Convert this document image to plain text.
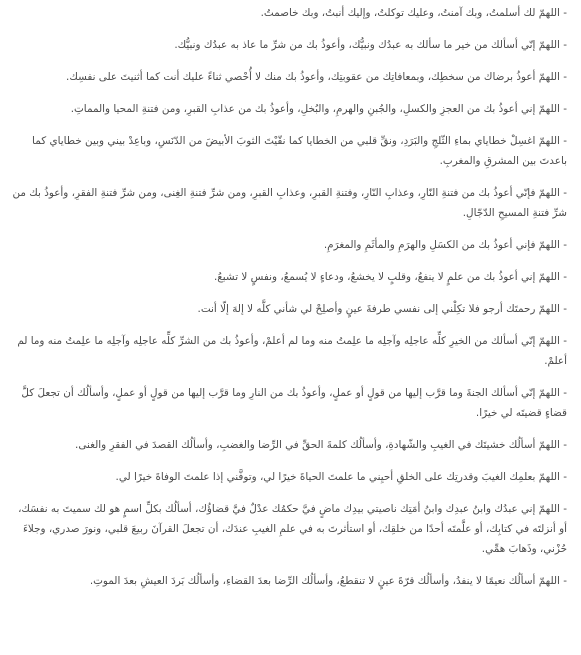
- اللهمّ لك أسلمتُ، وبك آمنتُ، وعليك توكلتُ، وإليك أنبتُ، وبك خاصمتُ.

- اللهمّ إنّي أسألك من خير ما سألك به عبدُك ونبيُّك، وأعوذُ بك من شرِّ ما عاذ به عبدُك ونبيُّك.

- اللهمّ أعوذُ برضاك من سخطِك، وبمعافاتِك من عقوبتِك، وأعوذُ بك منك لا أُحْصي ثناءً عليك أنت كما أثنيتَ على نفسِك.

- اللهمّ إني أعوذُ بك من العجزِ والكسلِ، والجُبنِ والهرمِ، والبُخلِ، وأعوذُ بك من عذابِ القبرِ، ومن فتنةِ المحيا والمماتِ.

- اللهمّ اغسِلْ خطاياي بماءِ الثّلجِ والبَرَدِ، ونقِّ قلبي من الخطايا كما نقّيْتَ الثوبَ الأبيضَ من الدّنَسِ، وباعِدْ بيني وبين خطاياي كما باعدتَ بين المشرقِ والمغربِ.

- اللهمّ فإنّي أعوذُ بك من فتنةِ النّارِ، وعذابِ النّارِ، وفتنةِ القبرِ، وعذابِ القبرِ، ومن شرِّ فتنةِ الغِنى، ومن شرِّ فتنةِ الفقرِ، وأعوذُ بك من شرِّ فتنةِ المسيحِ الدّجّالِ.

- اللهمّ فإني أعوذُ بك من الكسَلِ والهرَمِ والمأثَمِ والمغرَمِ.

- اللهمّ إني أعوذُ بك من علمٍ لا ينفعُ، وقلبٍ لا يخشعُ، ودعاءٍ لا يُسمعُ، ونفسٍ لا تشبعُ.

- اللهمّ رحمتَك أرجو فلا تكِلْني إلى نفسي طرفةَ عينٍ وأصلِحْ لي شأني كلَّه لا إلهَ إلّا أنت.

- اللهمّ إنّي أسألك من الخيرِ كلِّه عاجلِه وآجلِه ما علِمتُ منه وما لم أعلمْ، وأعوذُ بك من الشرِّ كلِّه عاجلِه وآجلِه ما علِمتُ منه وما لم أعلمْ.

- اللهمّ إنّي أسألك الجنةَ وما قرَّب إليها من قولٍ أو عملٍ، وأعوذُ بك من النارِ وما قرَّب إليها من قولٍ أو عملٍ، وأسألُك أن تجعلَ كلَّ قضاءٍ قضيتَه لي خيرًا.

- اللهمّ أسألُك خشيتَك في الغيبِ والشّهادةِ، وأسألُك كلمةَ الحقِّ في الرِّضا والغضبِ، وأسألُك القصدَ في الفقرِ والغنى.

- اللهمّ بعلمِك الغيبَ وقدرتِك على الخلقِ أحيِني ما علمتَ الحياةَ خيرًا لي، وتوفَّني إذا علمتَ الوفاةَ خيرًا لي.

- اللهمّ إني عبدُك وابنُ عبدِك وابنُ أمَتِك ناصيتي بيدِك ماضٍ فيَّ حكمُك عدْلٌ فيَّ قضاؤُك، أسألُك بكلِّ اسمٍ هو لك سميتَ به نفسَك، أو أنزلتَه في كتابِك، أو علَّمتَه أحدًا من خلقِك، أو استأثرتَ به في علمِ الغيبِ عندَك، أن تجعلَ القرآنَ ربيعَ قلبي، ونورَ صدري، وجلاءَ حُزْني، وذَهابَ همِّي.

- اللهمّ أسألُك نعيمًا لا ينفدُ، وأسألُك قرّةَ عينٍ لا تنقطعُ، وأسألُك الرِّضا بعدَ القضاءِ، وأسألُك بَردَ العيشِ بعدَ الموتِ.
